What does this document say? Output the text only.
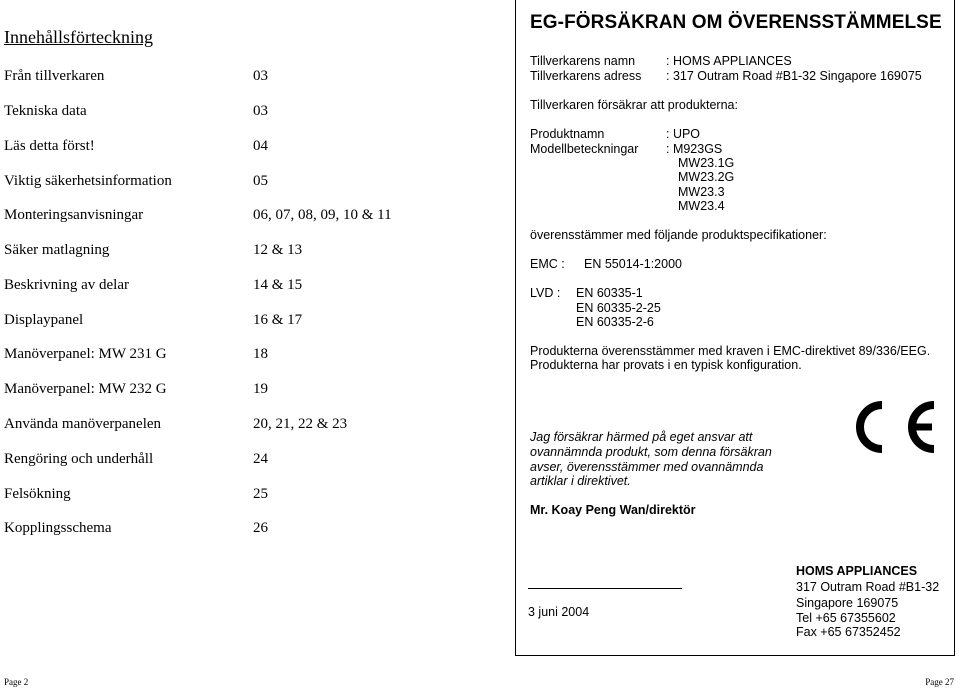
Innehållsförteckning
Från tillverkaren	03
Tekniska data	03
Läs detta först!	04
Viktig säkerhetsinformation	05
Monteringsanvisningar	06, 07, 08, 09, 10 & 11
Säker matlagning	12 & 13
Beskrivning av delar	14 & 15
Displaypanel	16 & 17
Manöverpanel: MW 231 G	18
Manöverpanel: MW 232 G	19
Använda manöverpanelen	20, 21, 22 & 23
Rengöring och underhåll	24
Felsökning	25
Kopplingsschema	26
EG-FÖRSÄKRAN OM ÖVERENSSTÄMMELSE
Tillverkarens namn : HOMS APPLIANCES
Tillverkarens adress : 317 Outram Road #B1-32 Singapore 169075
Tillverkaren försäkrar att produkterna:
Produktnamn	: UPO
Modellbeteckningar : M923GS
MW23.1G
MW23.2G
MW23.3
MW23.4
överensstämmer med följande produktspecifikationer:
EMC : EN 55014-1:2000
LVD : EN 60335-1
EN 60335-2-25
EN 60335-2-6
Produkterna överensstämmer med kraven i EMC-direktivet 89/336/EEG.
Produkterna har provats i en typisk konfiguration.
Jag försäkrar härmed på eget ansvar att
ovannämnda produkt, som denna försäkran
avser, överensstämmer med ovannämnda
artiklar i direktivet.
Mr. Koay Peng Wan/direktör
3 juni 2004
HOMS APPLIANCES
317 Outram Road #B1-32
Singapore 169075
Tel +65 67355602
Fax +65 67352452
Page 2	Page 27
